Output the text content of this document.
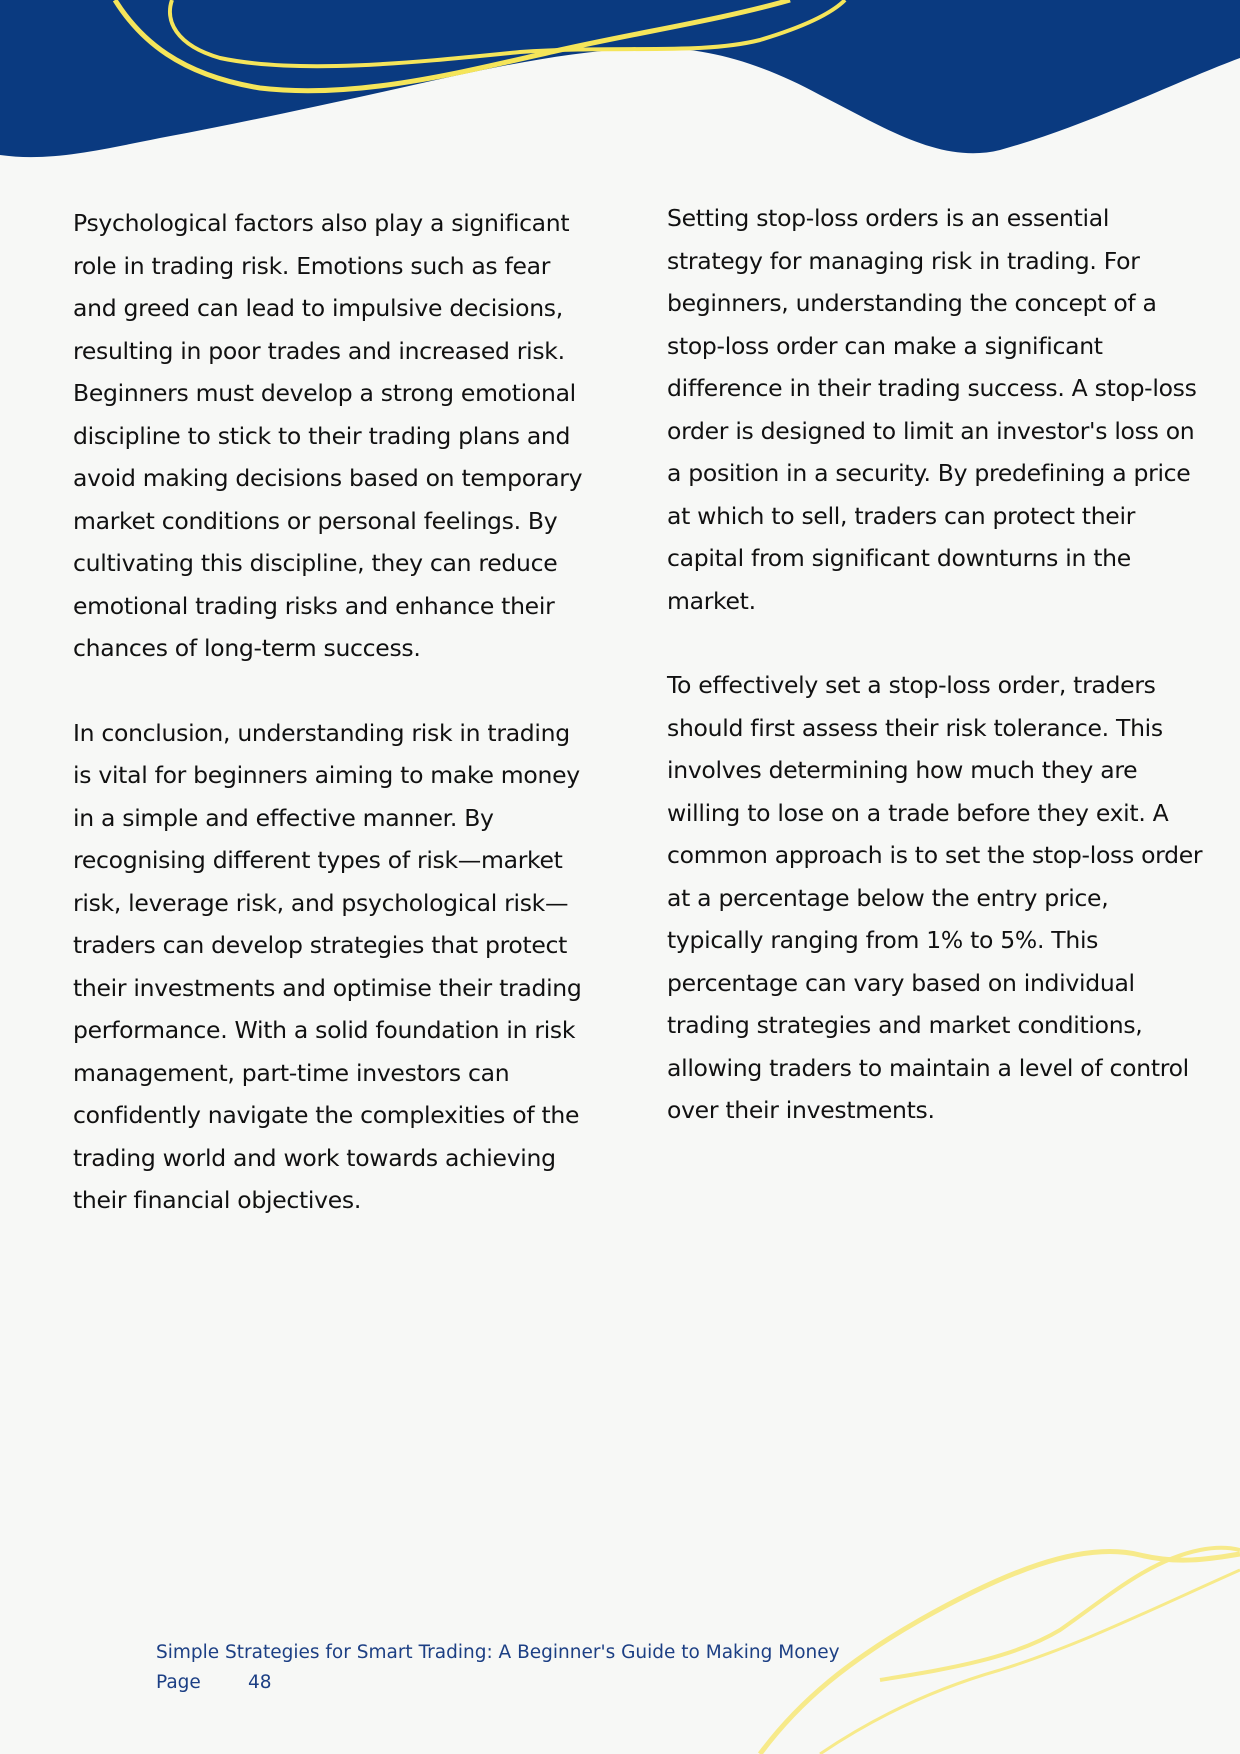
Psychological factors also play a significant role in trading risk. Emotions such as fear and greed can lead to impulsive decisions, resulting in poor trades and increased risk. Beginners must develop a strong emotional discipline to stick to their trading plans and avoid making decisions based on temporary market conditions or personal feelings. By cultivating this discipline, they can reduce emotional trading risks and enhance their chances of long-term success.

In conclusion, understanding risk in trading is vital for beginners aiming to make money in a simple and effective manner. By recognising different types of risk—market risk, leverage risk, and psychological risk—traders can develop strategies that protect their investments and optimise their trading performance. With a solid foundation in risk management, part-time investors can confidently navigate the complexities of the trading world and work towards achieving their financial objectives.

Setting stop-loss orders is an essential strategy for managing risk in trading. For beginners, understanding the concept of a stop-loss order can make a significant difference in their trading success. A stop-loss order is designed to limit an investor's loss on a position in a security. By predefining a price at which to sell, traders can protect their capital from significant downturns in the market.

To effectively set a stop-loss order, traders should first assess their risk tolerance. This involves determining how much they are willing to lose on a trade before they exit. A common approach is to set the stop-loss order at a percentage below the entry price, typically ranging from 1% to 5%. This percentage can vary based on individual trading strategies and market conditions, allowing traders to maintain a level of control over their investments.

Simple Strategies for Smart Trading: A Beginner's Guide to Making Money
Page	48
